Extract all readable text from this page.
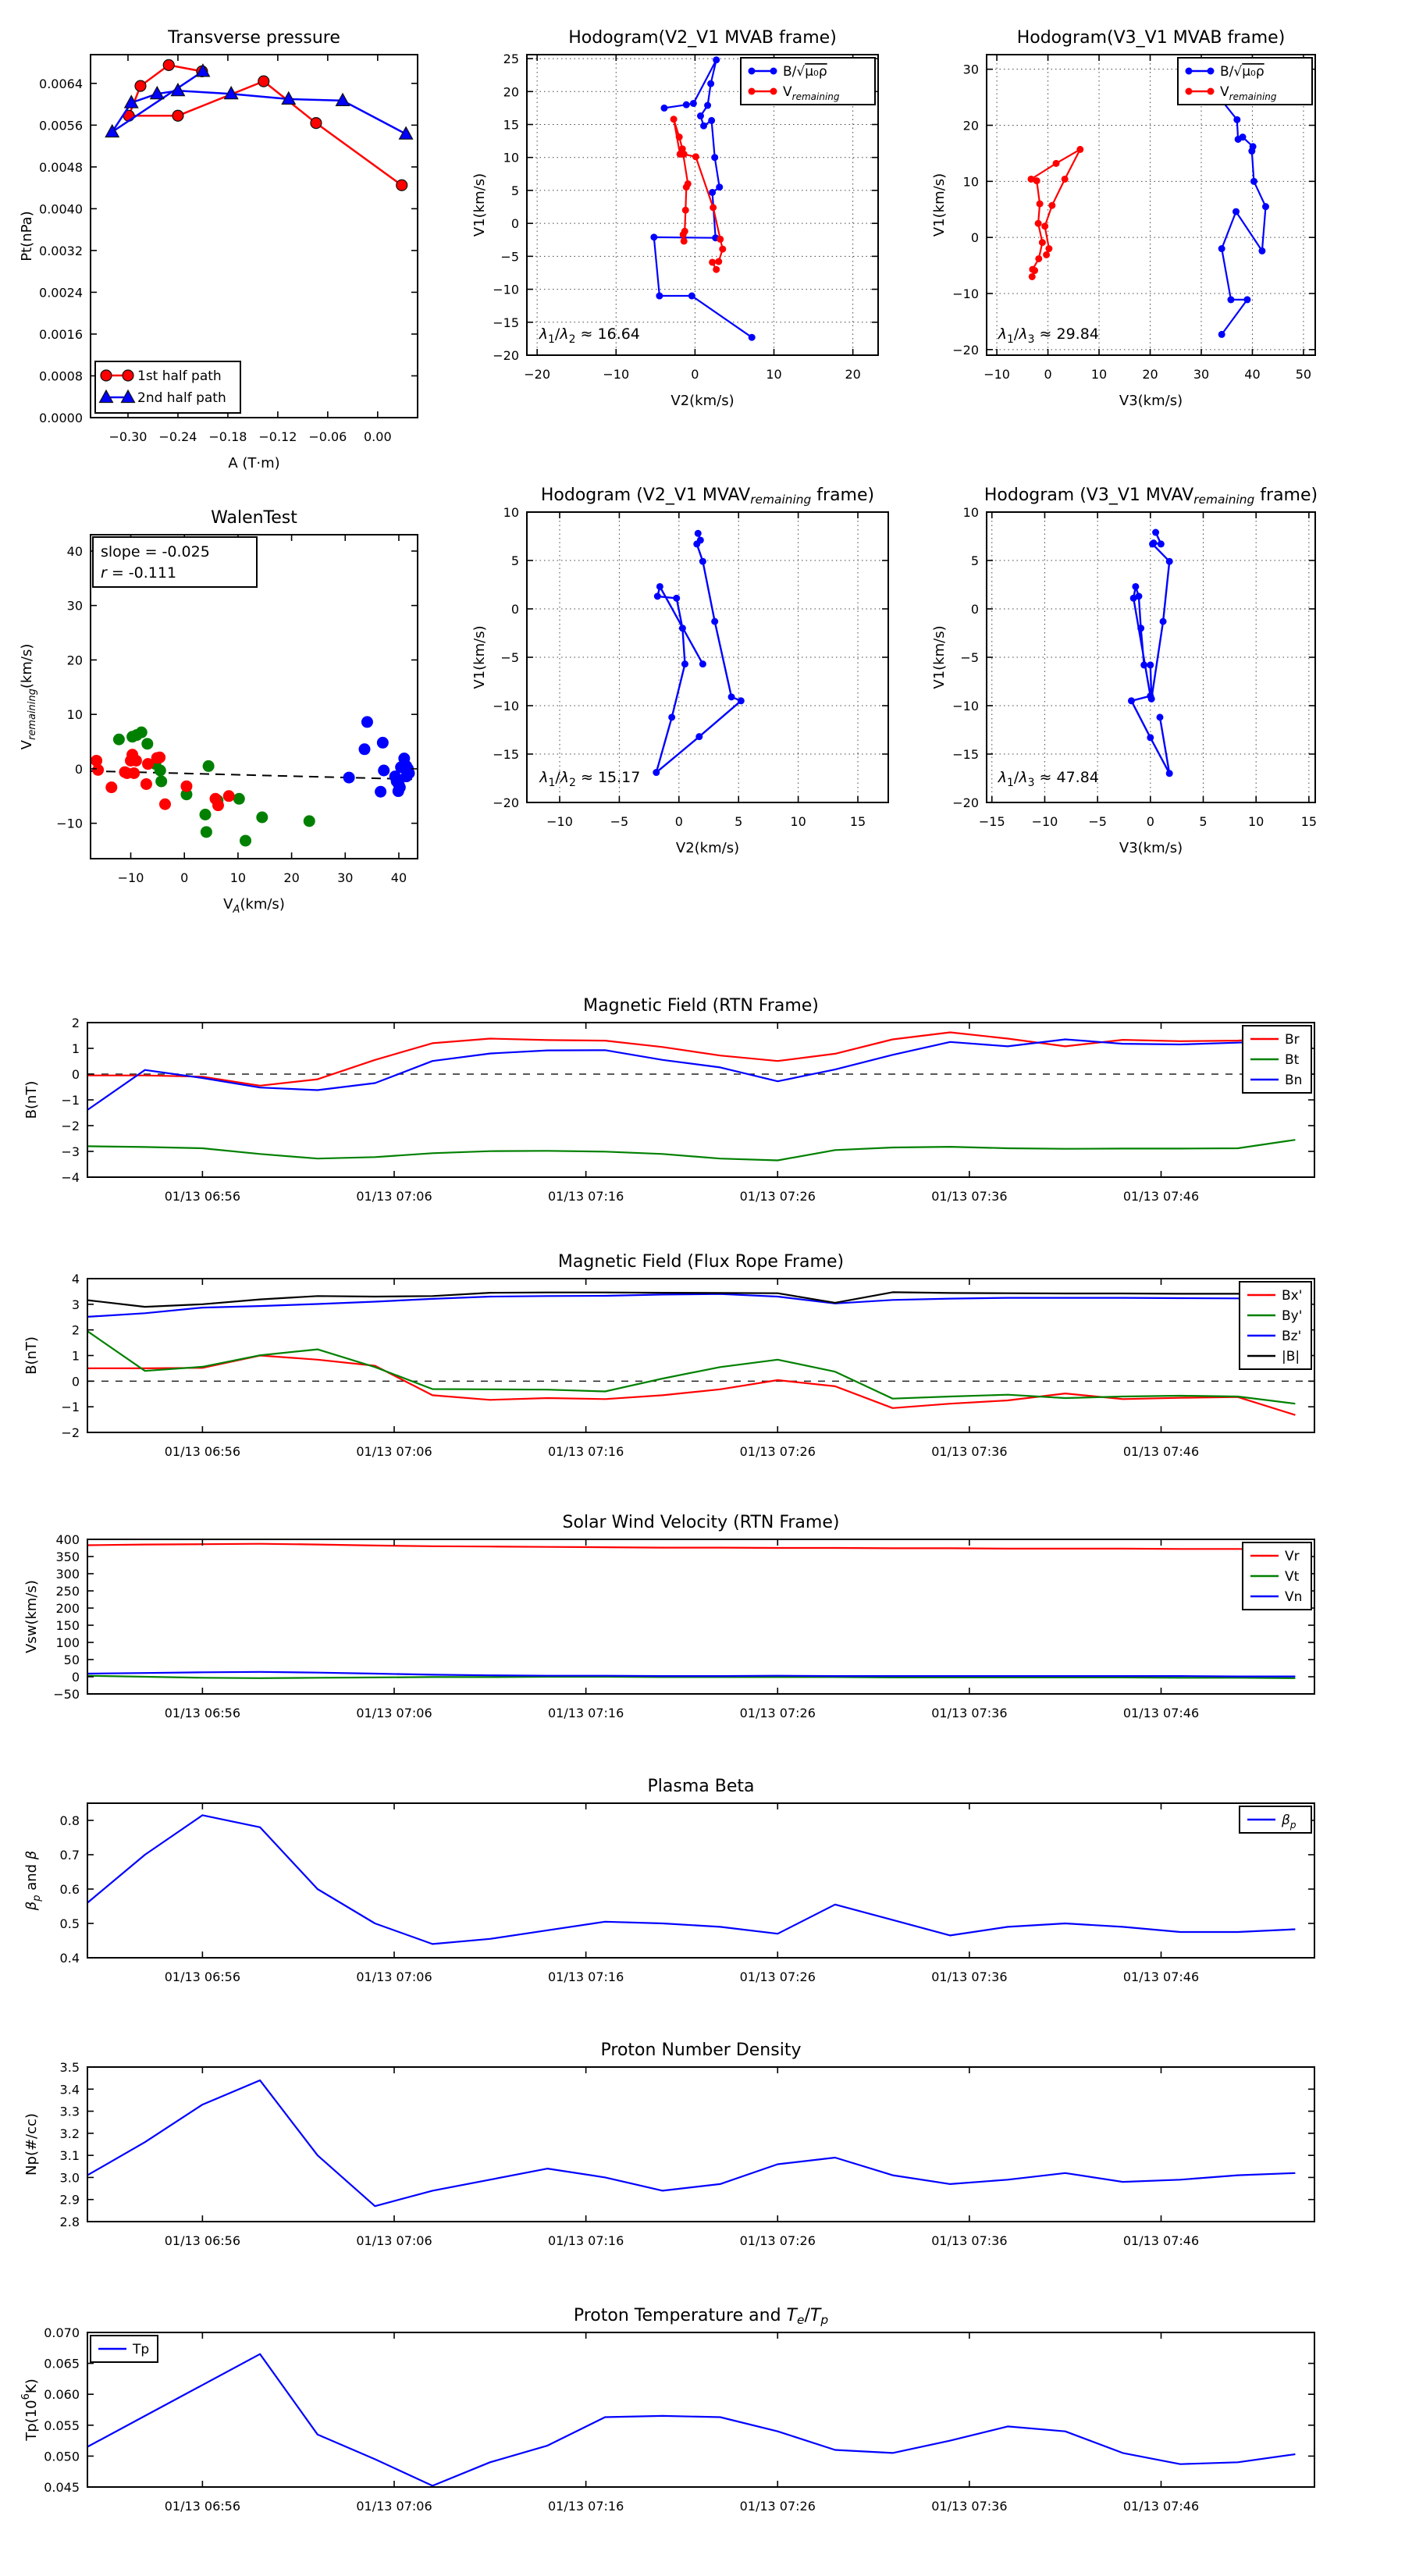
−0.30 −0.24 −0.18 −0.12 −0.06 0.00
0.0000
0.0008
0.0016
0.0024
0.0032
0.0040
0.0048
0.0056
0.0064
A (T·m)
Pt(nPa)
1st half path
2nd half path
−20	−10	0	10	20
25
20
15
10
5
0
−5
−10
−15
−20
V2(km/s)
V1(km/s)
B/√μ₀ρ
$V_{remaining}$
$\lambda_1/\lambda_2 \approx 16.64$
−10	0	10	20	30	40	50
30
20
10
0
−10
−20
V3(km/s)
V1(km/s)
B/√μ₀ρ
$V_{remaining}$
$\lambda_1/\lambda_3 \approx 29.84$
−10	0	10	20	30	40
40
30
20
10
0
−10
$V_A(km/s)$
$V_{remaining}(km/s)$
slope = -0.025
r = -0.111
−10	−5	0	5	10	15
10
5
0
−5
−10
−15
−20
V2(km/s)
V1(km/s)
$\lambda_1/\lambda_2 \approx 15.17$
−15 −10 −5	0	5	10	15
10
5
0
−5
−10
−15
−20
V3(km/s)
V1(km/s)
$\lambda_1/\lambda_3 \approx 47.84$
01/13 06:56	01/13 07:06	01/13 07:16	01/13 07:26	01/13 07:36	01/13 07:46
2
1
0
−1
−2
−3
−4
B(nT)
Br
Bt
Bn
01/13 06:56	01/13 07:06	01/13 07:16	01/13 07:26	01/13 07:36	01/13 07:46
4
3
2
1
0
−1
−2
B(nT)
Bx'
By'
Bz'
|B|
01/13 06:56	01/13 07:06	01/13 07:16	01/13 07:26	01/13 07:36	01/13 07:46
400
350
300
250
200
150
100
50
0
−50
Vsw(km/s)
Vr
Vt
Vn
01/13 06:56	01/13 07:06	01/13 07:16	01/13 07:26	01/13 07:36	01/13 07:46
0.8
0.7
0.6
0.5
0.4
$\beta_p$ and β
$\beta_p$
01/13 06:56	01/13 07:06	01/13 07:16	01/13 07:26	01/13 07:36	01/13 07:46
3.5
3.4
3.3
3.2
3.1
3.0
2.9
2.8
Np(#/cc)
01/13 06:56	01/13 07:06	01/13 07:16	01/13 07:26	01/13 07:36	01/13 07:46
0.070
0.065
0.060
0.055
0.050
0.045
$Tp(10^6K)$
Tp
Transverse pressure	Hodogram(V2_V1 MVAB frame)	Hodogram(V3_V1 MVAB frame)
WalenTest
Hodogram (V2_V1 $MVAV_{remaining}$ frame)	Hodogram (V3_V1 $MVAV_{remaining}$ frame)
Magnetic Field (RTN Frame)
Magnetic Field (Flux Rope Frame)
Solar Wind Velocity (RTN Frame)
Plasma Beta
Proton Number Density
Proton Temperature and $T_e/T_p$
